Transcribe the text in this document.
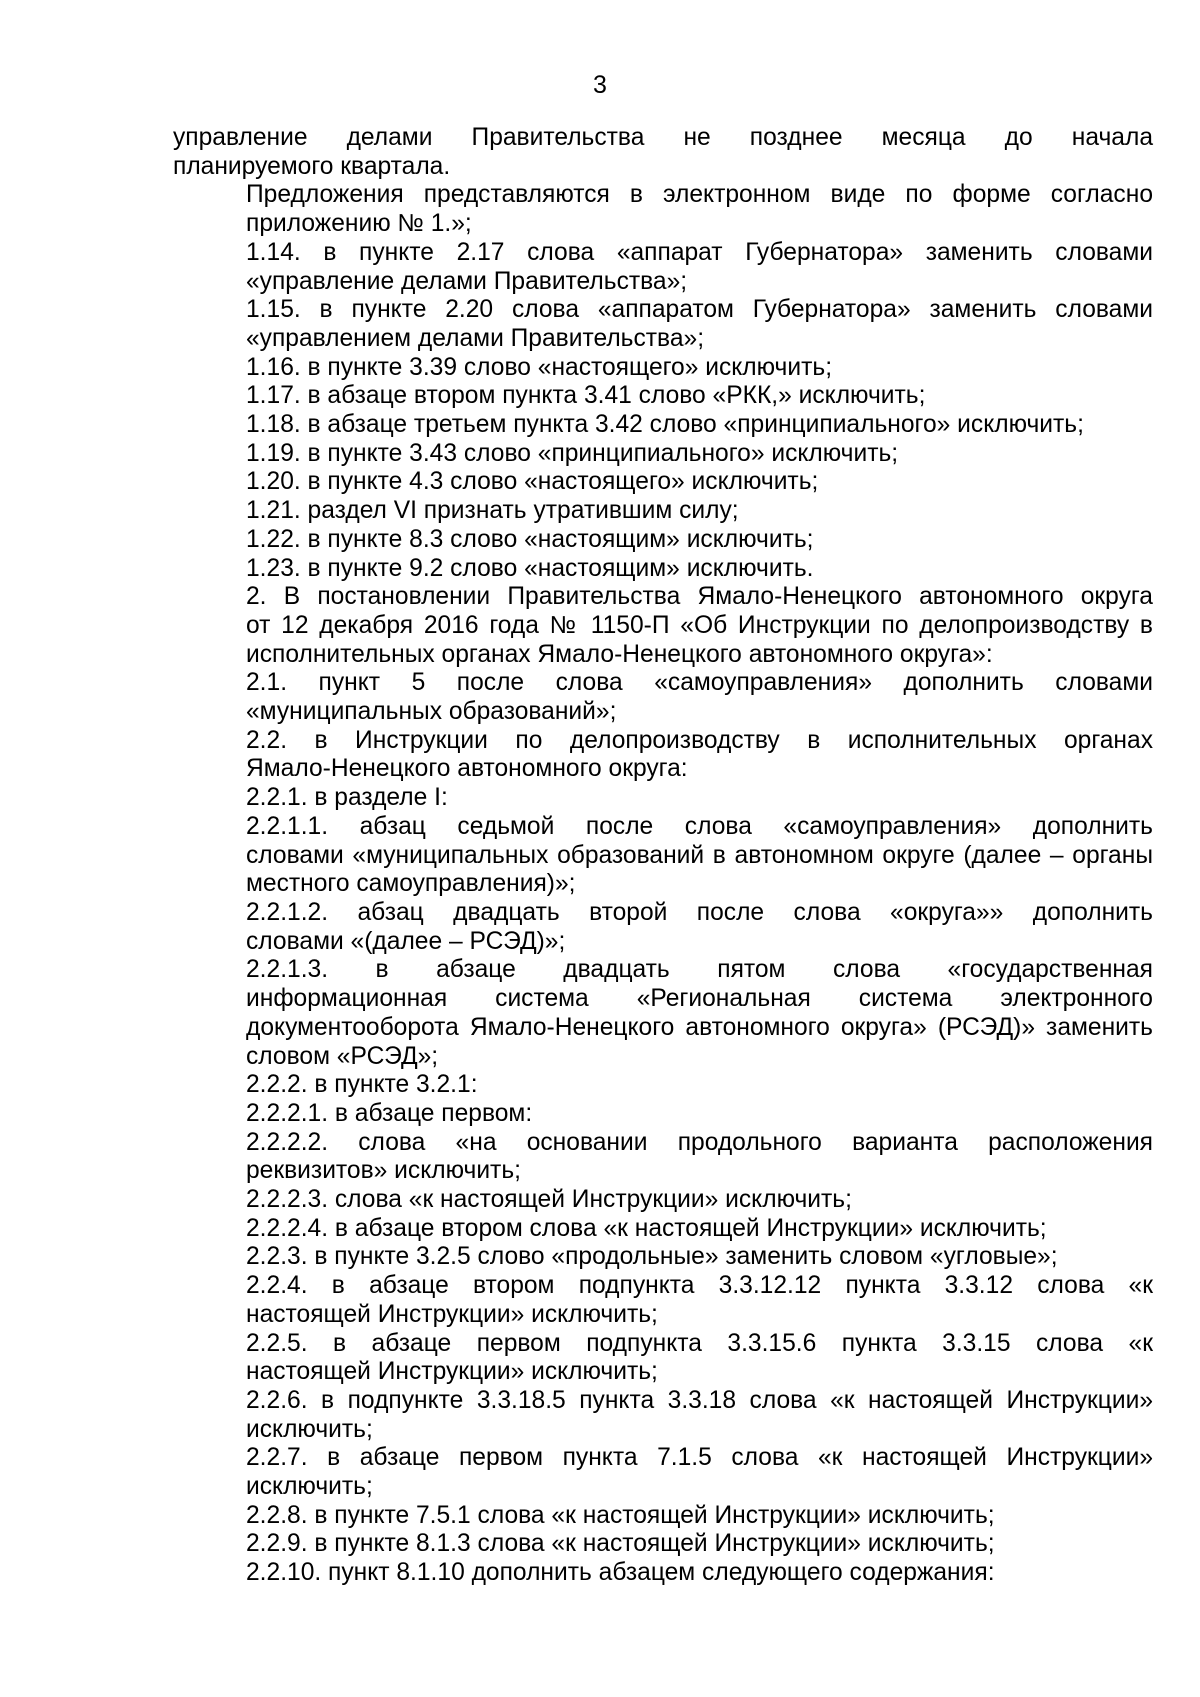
3

управление делами Правительства не позднее месяца до начала
планируемого квартала.

Предложения представляются в электронном виде по форме согласно
приложению № 1.»;

1.14. в пункте 2.17 слова «аппарат Губернатора» заменить словами
«управление делами Правительства»;

1.15. в пункте 2.20 слова «аппаратом Губернатора» заменить словами
«управлением делами Правительства»;

1.16. в пункте 3.39 слово «настоящего» исключить;

1.17. в абзаце втором пункта 3.41 слово «РКК,» исключить;

1.18. в абзаце третьем пункта 3.42 слово «принципиального» исключить;

1.19. в пункте 3.43 слово «принципиального» исключить;

1.20. в пункте 4.3 слово «настоящего» исключить;

1.21. раздел VI признать утратившим силу;

1.22. в пункте 8.3 слово «настоящим» исключить;

1.23. в пункте 9.2 слово «настоящим» исключить.

2. В постановлении Правительства Ямало-Ненецкого автономного округа
от 12 декабря 2016 года № 1150-П «Об Инструкции по делопроизводству в
исполнительных органах Ямало-Ненецкого автономного округа»:

2.1. пункт 5 после слова «самоуправления» дополнить словами
«муниципальных образований»;

2.2. в Инструкции по делопроизводству в исполнительных органах
Ямало-Ненецкого автономного округа:

2.2.1. в разделе I:

2.2.1.1. абзац седьмой после слова «самоуправления» дополнить
словами «муниципальных образований в автономном округе (далее – органы
местного самоуправления)»;

2.2.1.2. абзац двадцать второй после слова «округа»» дополнить
словами «(далее – РСЭД)»;

2.2.1.3. в абзаце двадцать пятом слова «государственная
информационная система «Региональная система электронного
документооборота Ямало-Ненецкого автономного округа» (РСЭД)» заменить
словом «РСЭД»;

2.2.2. в пункте 3.2.1:

2.2.2.1. в абзаце первом:

2.2.2.2. слова «на основании продольного варианта расположения
реквизитов» исключить;

2.2.2.3. слова «к настоящей Инструкции» исключить;

2.2.2.4. в абзаце втором слова «к настоящей Инструкции» исключить;

2.2.3. в пункте 3.2.5 слово «продольные» заменить словом «угловые»;

2.2.4. в абзаце втором подпункта 3.3.12.12 пункта 3.3.12 слова «к
настоящей Инструкции» исключить;

2.2.5. в абзаце первом подпункта 3.3.15.6 пункта 3.3.15 слова «к
настоящей Инструкции» исключить;

2.2.6. в подпункте 3.3.18.5 пункта 3.3.18 слова «к настоящей Инструкции»
исключить;

2.2.7. в абзаце первом пункта 7.1.5 слова «к настоящей Инструкции»
исключить;

2.2.8. в пункте 7.5.1 слова «к настоящей Инструкции» исключить;

2.2.9. в пункте 8.1.3 слова «к настоящей Инструкции» исключить;

2.2.10. пункт 8.1.10 дополнить абзацем следующего содержания:
